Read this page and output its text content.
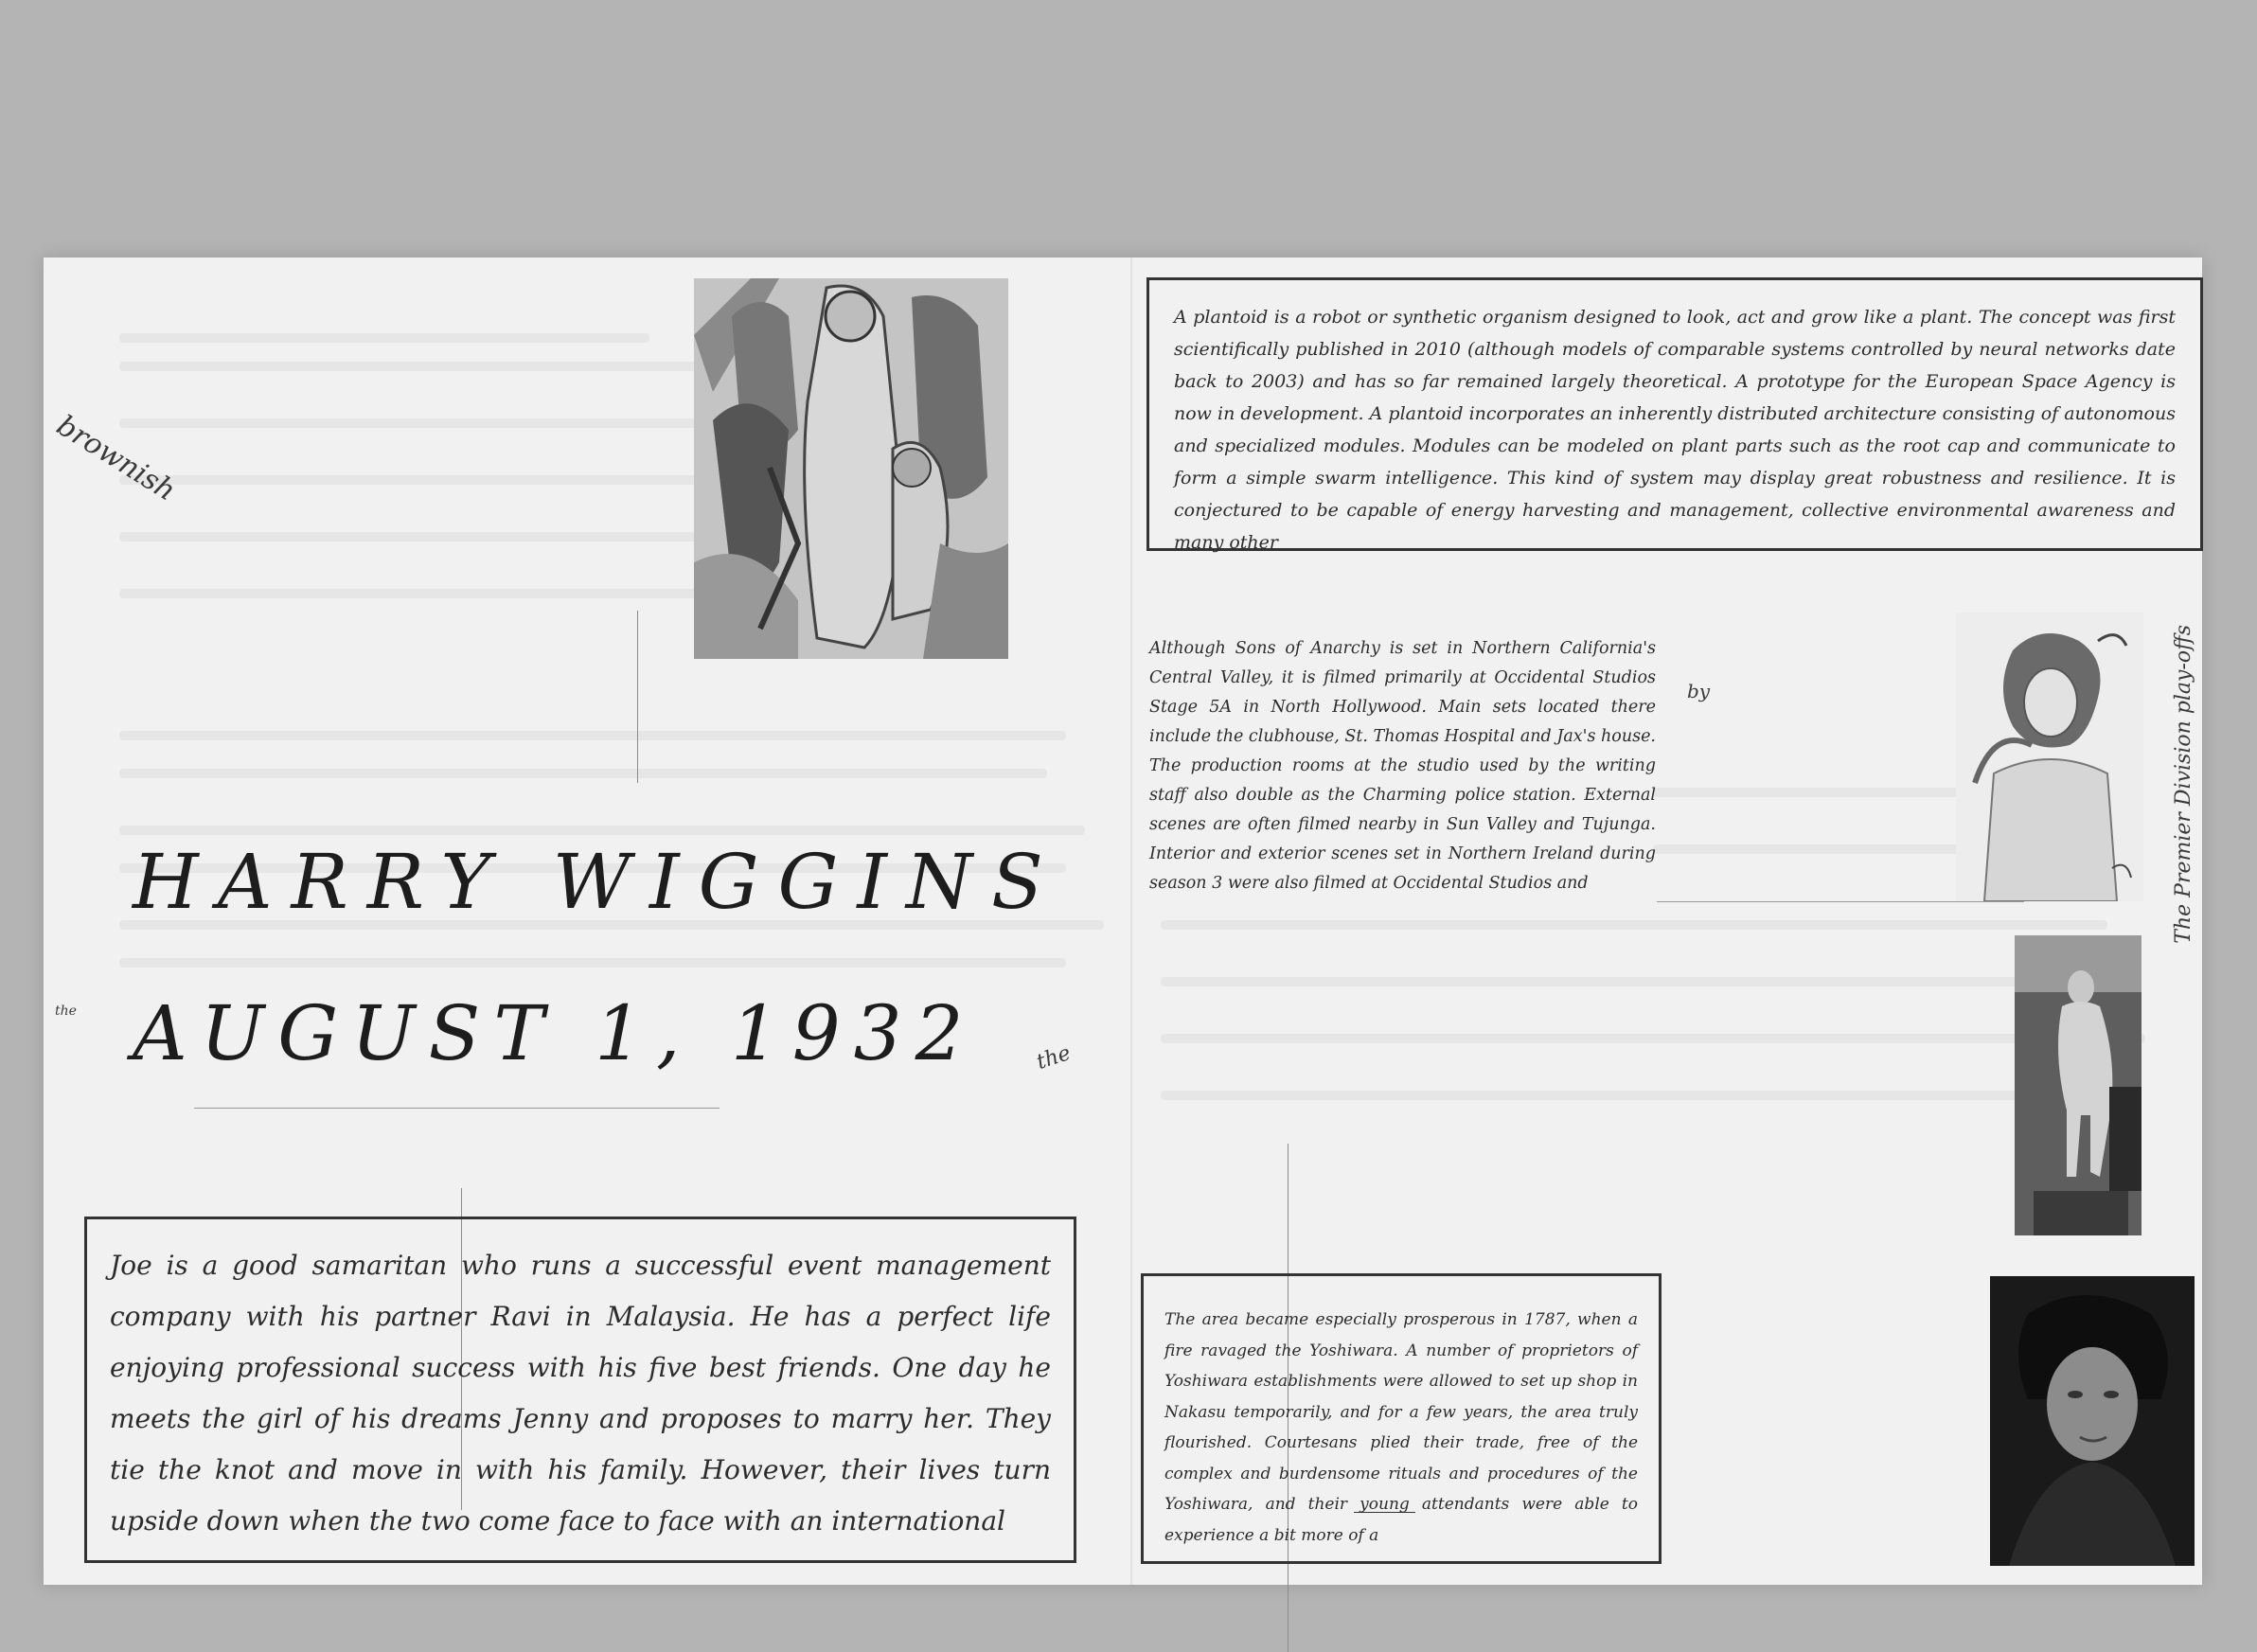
brownish
the
the
by	The Premier Division play-offs
HARRY WIGGINS
AUGUST 1, 1932

A plantoid is a robot or synthetic organism designed to look, act and grow like a plant. The concept was first scientifically published in 2010 (although models of comparable systems controlled by neural networks date back to 2003) and has so far remained largely theoretical. A prototype for the European Space Agency is now in development. A plantoid incorporates an inherently distributed architecture consisting of autonomous and specialized modules. Modules can be modeled on plant parts such as the root cap and communicate to form a simple swarm intelligence. This kind of system may display great robustness and resilience. It is conjectured to be capable of energy harvesting and management, collective environmental awareness and many other

Although Sons of Anarchy is set in Northern California's Central Valley, it is filmed primarily at Occidental Studios Stage 5A in North Hollywood. Main sets located there include the clubhouse, St. Thomas Hospital and Jax's house. The production rooms at the studio used by the writing staff also double as the Charming police station. External scenes are often filmed nearby in Sun Valley and Tujunga. Interior and exterior scenes set in Northern Ireland during season 3 were also filmed at Occidental Studios and

Joe is a good samaritan who runs a successful event management company with his partner Ravi in Malaysia. He has a perfect life enjoying professional success with his five best friends. One day he meets the girl of his dreams Jenny and proposes to marry her. They tie the knot and move in with his family. However, their lives turn upside down when the two come face to face with an international

The area became especially prosperous in 1787, when a fire ravaged the Yoshiwara. A number of proprietors of Yoshiwara establishments were allowed to set up shop in Nakasu temporarily, and for a few years, the area truly flourished. Courtesans plied their trade, free of the complex and burdensome rituals and procedures of the Yoshiwara, and their young attendants were able to experience a bit more of a
